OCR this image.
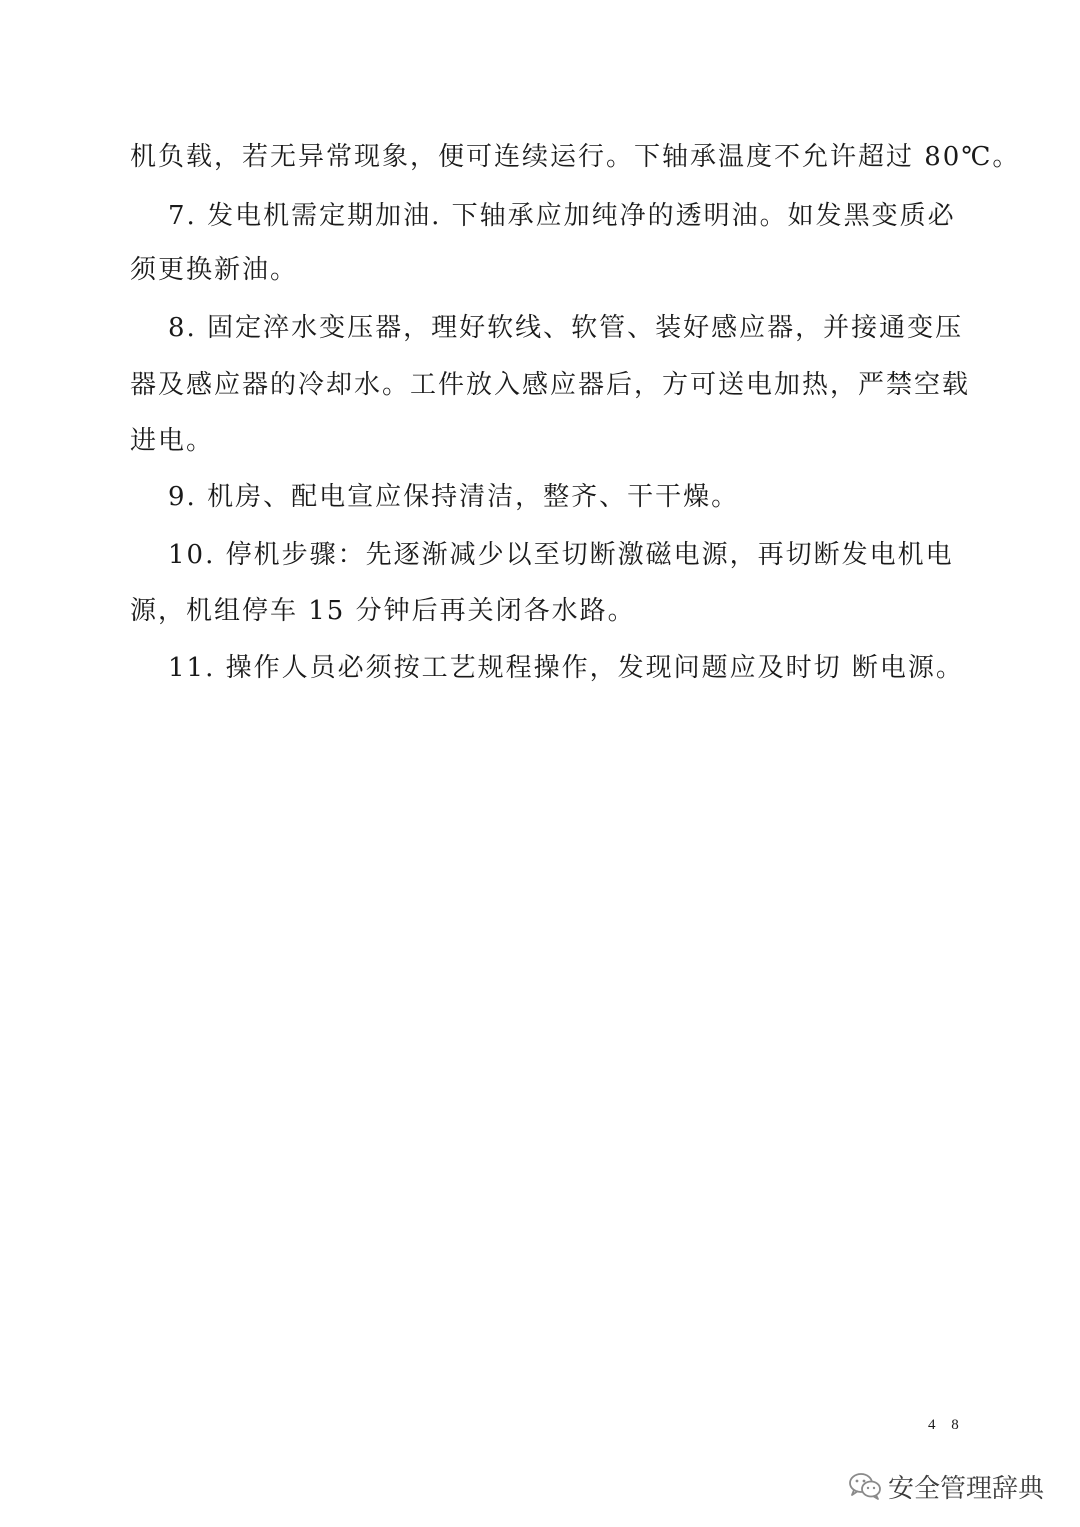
机负载，若无异常现象，便可连续运行。下轴承温度不允许超过 80℃。
7. 发电机需定期加油. 下轴承应加纯净的透明油。如发黑变质必
须更换新油。
8. 固定淬水变压器，理好软线、软管、装好感应器，并接通变压
器及感应器的冷却水。工件放入感应器后，方可送电加热，严禁空载
进电。
9. 机房、配电宣应保持清洁，整齐、干干燥。
10. 停机步骤：先逐渐减少以至切断激磁电源，再切断发电机电
源，机组停车 15 分钟后再关闭各水路。
11. 操作人员必须按工艺规程操作，发现问题应及时切 断电源。
4 8
安全管理辞典
